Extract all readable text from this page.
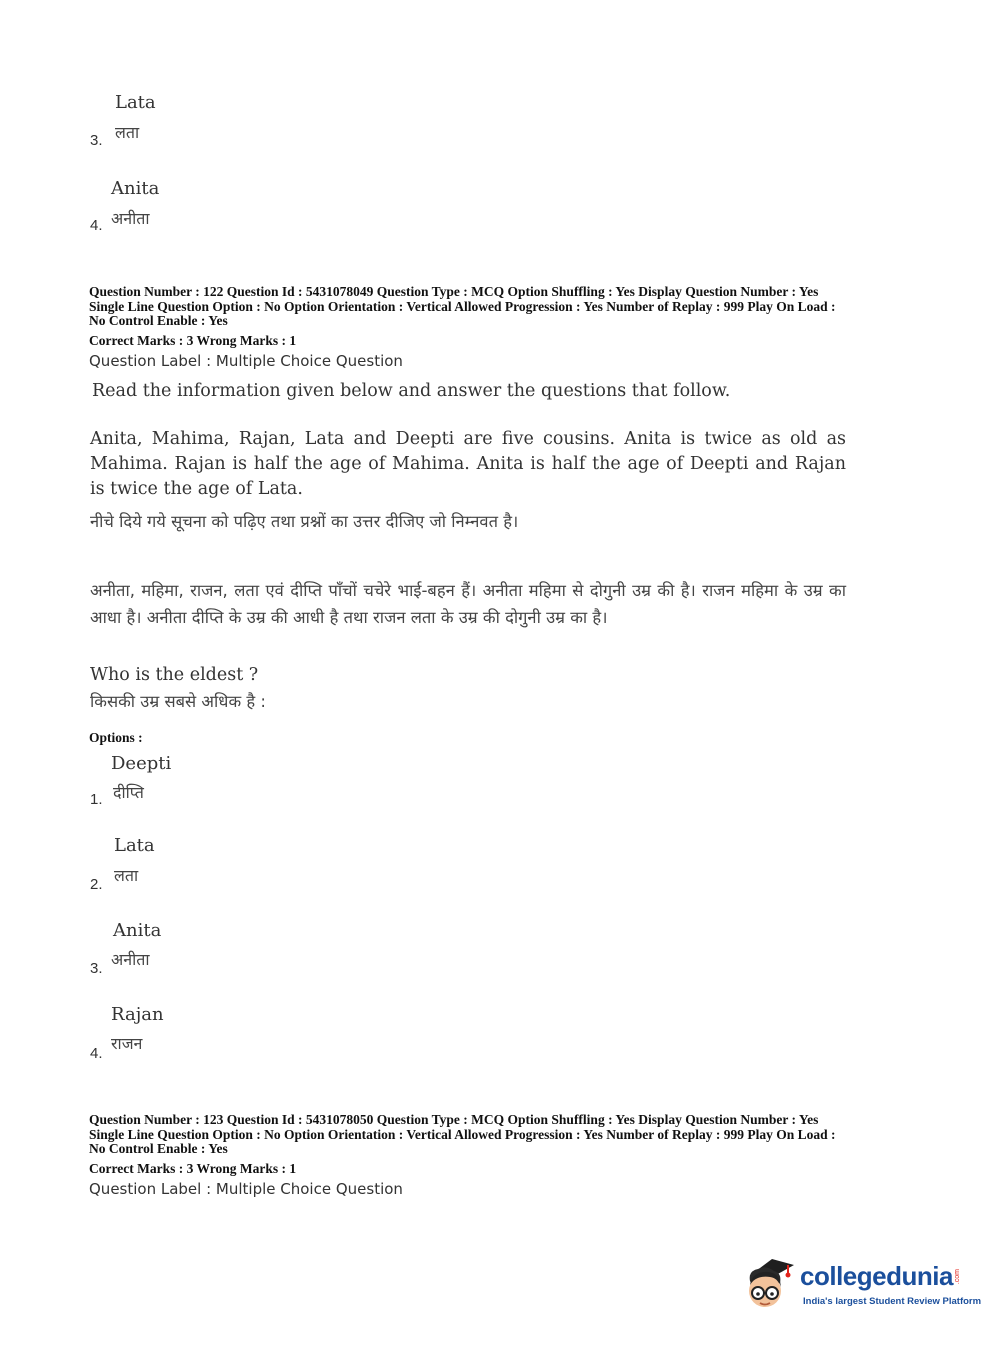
Lata
3. लता
Anita
4. अनीता
Question Number : 122 Question Id : 5431078049 Question Type : MCQ Option Shuffling : Yes Display Question Number : Yes
Single Line Question Option : No Option Orientation : Vertical Allowed Progression : Yes Number of Replay : 999 Play On Load :
No Control Enable : Yes
Correct Marks : 3 Wrong Marks : 1
Question Label : Multiple Choice Question
Read the information given below and answer the questions that follow.
Anita, Mahima, Rajan, Lata and Deepti are five cousins. Anita is twice as old as Mahima. Rajan is half the age of Mahima. Anita is half the age of Deepti and Rajan is twice the age of Lata.
नीचे दिये गये सूचना को पढ़िए तथा प्रश्नों का उत्तर दीजिए जो निम्नवत है।
अनीता, महिमा, राजन, लता एवं दीप्ति पाँचों चचेरे भाई-बहन हैं। अनीता महिमा से दोगुनी उम्र की है। राजन महिमा के उम्र का आधा है। अनीता दीप्ति के उम्र की आधी है तथा राजन लता के उम्र की दोगुनी उम्र का है।
Who is the eldest ?
किसकी उम्र सबसे अधिक है :
Options :
Deepti
1. दीप्ति
Lata
2. लता
Anita
3. अनीता
Rajan
4.
राजन
Question Number : 123 Question Id : 5431078050 Question Type : MCQ Option Shuffling : Yes Display Question Number : Yes
Single Line Question Option : No Option Orientation : Vertical Allowed Progression : Yes Number of Replay : 999 Play On Load :
No Control Enable : Yes
Correct Marks : 3 Wrong Marks : 1
Question Label : Multiple Choice Question
collegedunia .com
India's largest Student Review Platform
